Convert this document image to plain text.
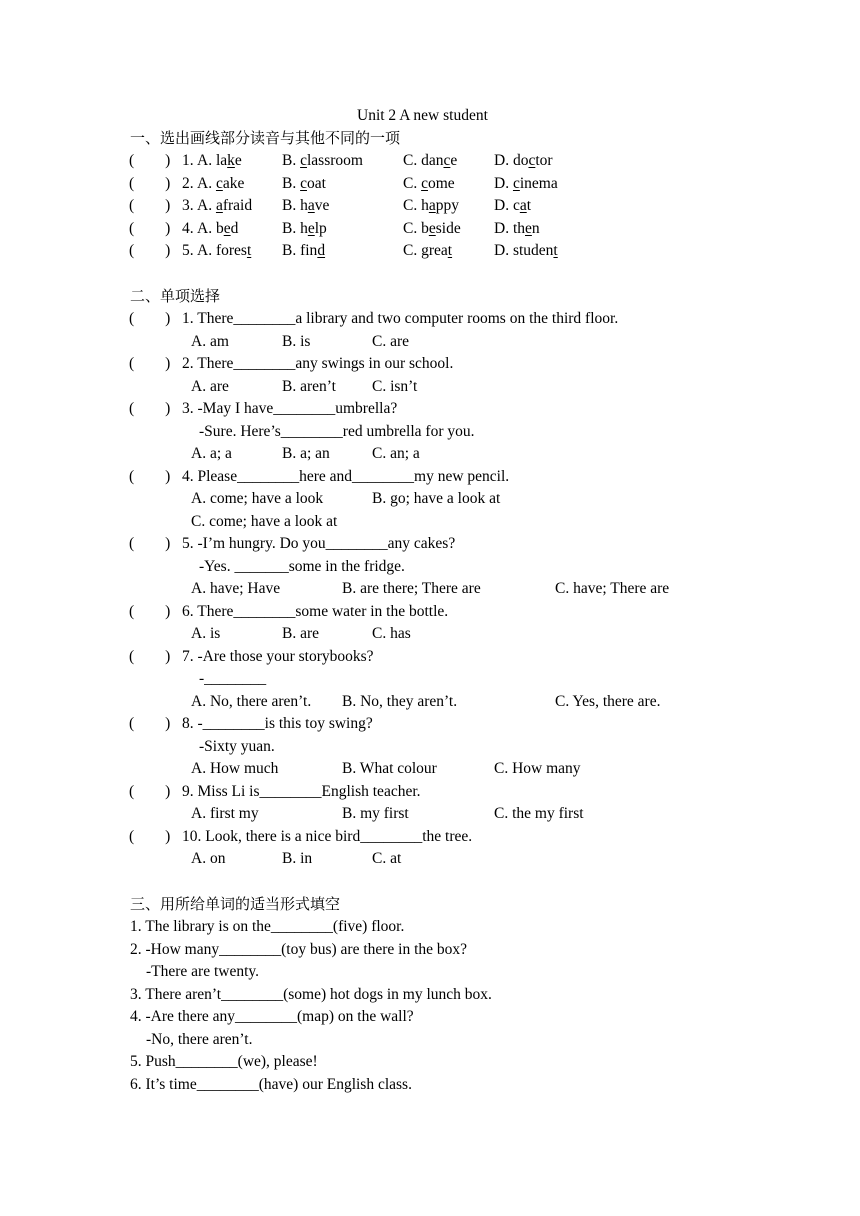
Unit 2 A new student
一、选出画线部分读音与其他不同的一项
(        ) 1. A. lake	B. classroom	C. dance D. doctor
(        ) 2. A. cake B. coat	C. come	D. cinema
(        ) 3. A. afraid B. have	C. happy D. cat
(        ) 4. A. bed	B. help	C. beside D. then
(        ) 5. A. forest B. find	C. great	D. student
二、单项选择
(        ) 1. There________a library and two computer rooms on the third floor.
A. am	B. is	C. are
(        ) 2. There________any swings in our school.
A. are	B. aren’t C. isn’t
(        ) 3. -May I have________umbrella?
-Sure. Here’s________red umbrella for you.
A. a; a	B. a; an	C. an; a
(        ) 4. Please________here and________my new pencil.
A. come; have a look	B. go; have a look at
C. come; have a look at
(        ) 5. -I’m hungry. Do you________any cakes?
-Yes. _______some in the fridge.
A. have; Have	B. are there; There are	C. have; There are
(        ) 6. There________some water in the bottle.
A. is	B. are	C. has
(        ) 7. -Are those your storybooks?
-________
A. No, there aren’t. B. No, they aren’t.	C. Yes, there are.
(        ) 8. -________is this toy swing?
-Sixty yuan.
A. How much	B. What colour	C. How many
(        ) 9. Miss Li is________English teacher.
A. first my	B. my first	C. the my first
(        ) 10. Look, there is a nice bird________the tree.
A. on	B. in	C. at
三、用所给单词的适当形式填空
1. The library is on the________(five) floor.
2. -How many________(toy bus) are there in the box?
-There are twenty.
3. There aren’t________(some) hot dogs in my lunch box.
4. -Are there any________(map) on the wall?
-No, there aren’t.
5. Push________(we), please!
6. It’s time________(have) our English class.
